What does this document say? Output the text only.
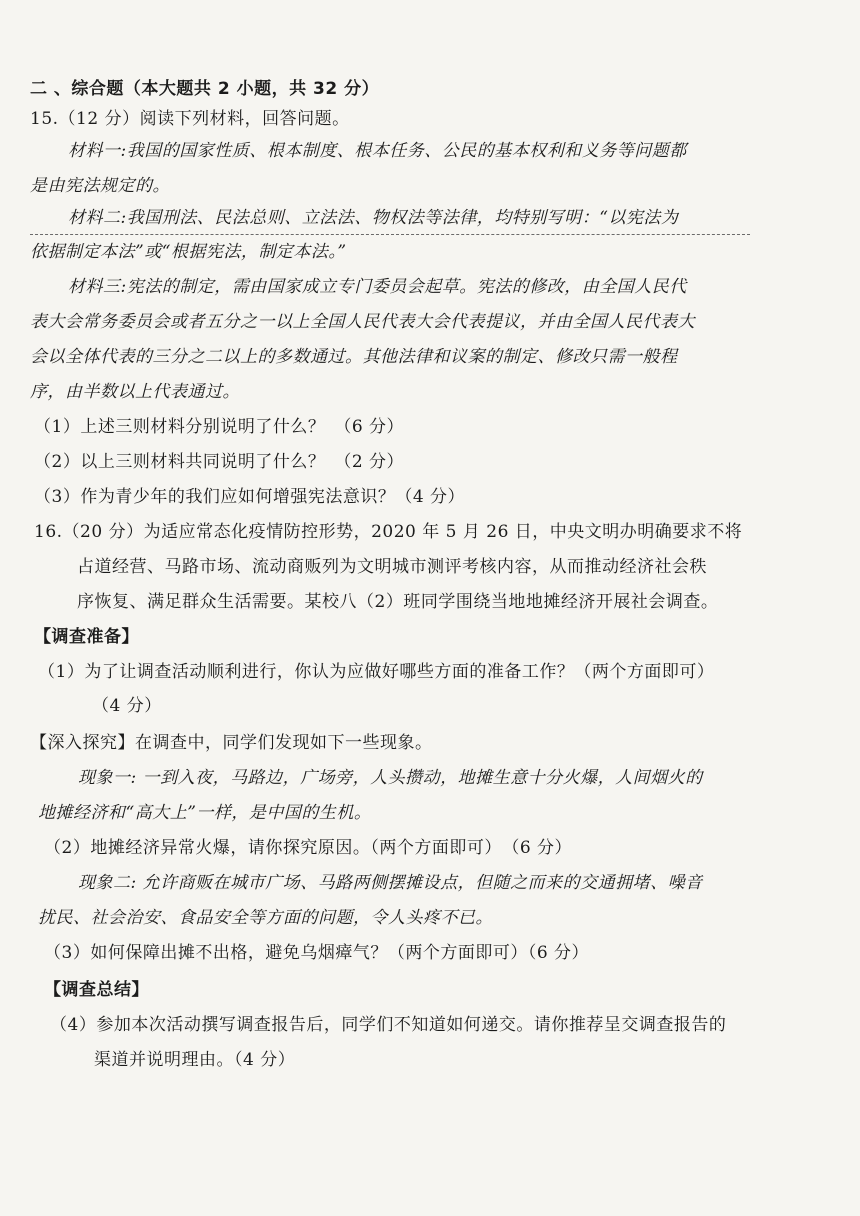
二 、综合题（本大题共 2 小题，共 32 分）
15.（12 分）阅读下列材料，回答问题。
材料一:我国的国家性质、根本制度、根本任务、公民的基本权利和义务等问题都
是由宪法规定的。
材料二:我国刑法、民法总则、立法法、物权法等法律，均特别写明：“以宪法为
依据制定本法”或“根据宪法，制定本法。”
材料三:宪法的制定，需由国家成立专门委员会起草。宪法的修改，由全国人民代
表大会常务委员会或者五分之一以上全国人民代表大会代表提议，并由全国人民代表大
会以全体代表的三分之二以上的多数通过。其他法律和议案的制定、修改只需一般程
序，由半数以上代表通过。
（1）上述三则材料分别说明了什么？　（6 分）
（2）以上三则材料共同说明了什么？　（2 分）
（3）作为青少年的我们应如何增强宪法意识？（4 分）
16.（20 分）为适应常态化疫情防控形势，2020 年 5 月 26 日，中央文明办明确要求不将
占道经营、马路市场、流动商贩列为文明城市测评考核内容，从而推动经济社会秩
序恢复、满足群众生活需要。某校八（2）班同学围绕当地地摊经济开展社会调查。
【调查准备】
（1）为了让调查活动顺利进行，你认为应做好哪些方面的准备工作？（两个方面即可）
（4 分）
【深入探究】在调查中，同学们发现如下一些现象。
现象一: 一到入夜，马路边，广场旁，人头攒动，地摊生意十分火爆，人间烟火的
地摊经济和“高大上”一样，是中国的生机。
（2）地摊经济异常火爆，请你探究原因。（两个方面即可）　（6 分）
现象二: 允许商贩在城市广场、马路两侧摆摊设点，但随之而来的交通拥堵、噪音
扰民、社会治安、食品安全等方面的问题，令人头疼不已。
（3）如何保障出摊不出格，避免乌烟瘴气？（两个方面即可）（6 分）
【调查总结】
（4）参加本次活动撰写调查报告后，同学们不知道如何递交。请你推荐呈交调查报告的
渠道并说明理由。（4 分）
